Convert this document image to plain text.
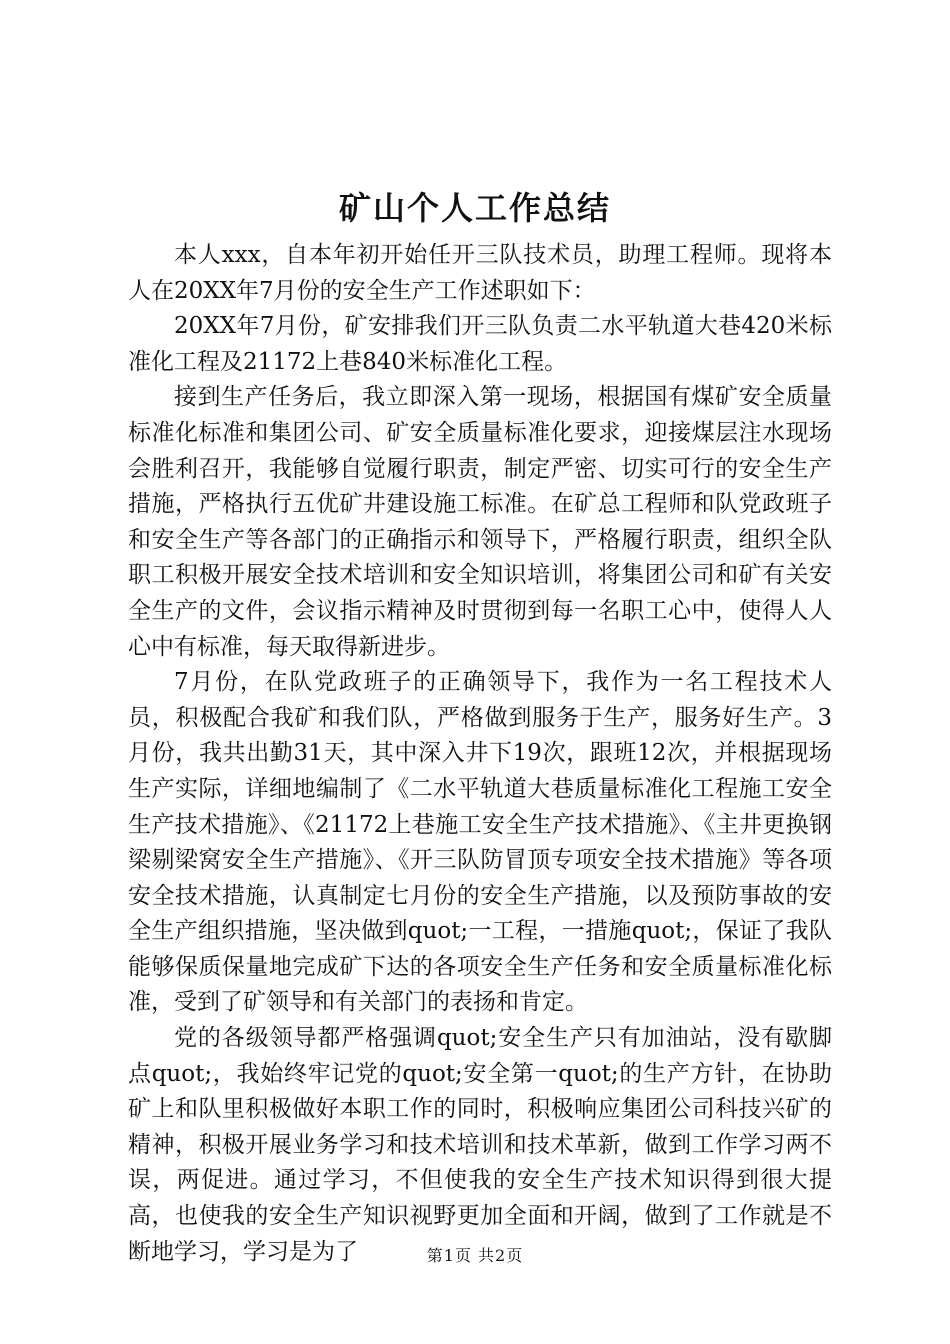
矿山个人工作总结

本人xxx，自本年初开始任开三队技术员，助理工程师。现将本人在20XX年7月份的安全生产工作述职如下：

20XX年7月份，矿安排我们开三队负责二水平轨道大巷420米标准化工程及21172上巷840米标准化工程。

接到生产任务后，我立即深入第一现场，根据国有煤矿安全质量标准化标准和集团公司、矿安全质量标准化要求，迎接煤层注水现场会胜利召开，我能够自觉履行职责，制定严密、切实可行的安全生产措施，严格执行五优矿井建设施工标准。在矿总工程师和队党政班子和安全生产等各部门的正确指示和领导下，严格履行职责，组织全队职工积极开展安全技术培训和安全知识培训，将集团公司和矿有关安全生产的文件，会议指示精神及时贯彻到每一名职工心中，使得人人心中有标准，每天取得新进步。

7月份，在队党政班子的正确领导下，我作为一名工程技术人员，积极配合我矿和我们队，严格做到服务于生产，服务好生产。3月份，我共出勤31天，其中深入井下19次，跟班12次，并根据现场生产实际，详细地编制了《二水平轨道大巷质量标准化工程施工安全生产技术措施》、《21172上巷施工安全生产技术措施》、《主井更换钢梁剔梁窝安全生产措施》、《开三队防冒顶专项安全技术措施》等各项安全技术措施，认真制定七月份的安全生产措施，以及预防事故的安全生产组织措施，坚决做到quot;一工程，一措施quot;，保证了我队能够保质保量地完成矿下达的各项安全生产任务和安全质量标准化标准，受到了矿领导和有关部门的表扬和肯定。

党的各级领导都严格强调quot;安全生产只有加油站，没有歇脚点quot;，我始终牢记党的quot;安全第一quot;的生产方针，在协助矿上和队里积极做好本职工作的同时，积极响应集团公司科技兴矿的精神，积极开展业务学习和技术培训和技术革新，做到工作学习两不误，两促进。通过学习，不但使我的安全生产技术知识得到很大提高，也使我的安全生产知识视野更加全面和开阔，做到了工作就是不断地学习，学习是为了	第1页 共2页
